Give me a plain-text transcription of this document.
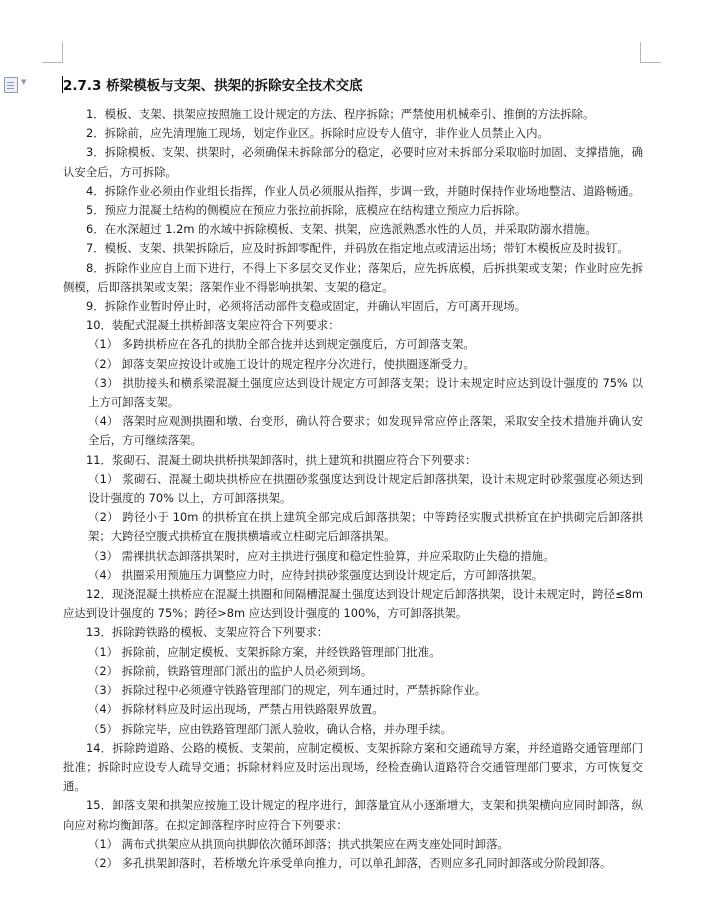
▼	2.7.3 桥梁模板与支架、拱架的拆除安全技术交底
1．模板、支架、拱架应按照施工设计规定的方法、程序拆除；严禁使用机械牵引、推倒的方法拆除。
2．拆除前，应先清理施工现场，划定作业区。拆除时应设专人值守，非作业人员禁止入内。
3．拆除模板、支架、拱架时，必须确保未拆除部分的稳定，必要时应对未拆部分采取临时加固、支撑措施，确认安全后，方可拆除。
4．拆除作业必须由作业组长指挥，作业人员必须服从指挥，步调一致，并随时保持作业场地整洁、道路畅通。
5．预应力混凝土结构的侧模应在预应力张拉前拆除，底模应在结构建立预应力后拆除。
6．在水深超过 1.2m 的水域中拆除模板、支架、拱架，应选派熟悉水性的人员，并采取防溺水措施。
7．模板、支架、拱架拆除后，应及时拆卸零配件，并码放在指定地点或清运出场；带钉木模板应及时拔钉。
8．拆除作业应自上而下进行，不得上下多层交叉作业；落架后，应先拆底模，后拆拱架或支架；作业时应先拆侧模，后即落拱架或支架；落架作业不得影响拱架、支架的稳定。
9．拆除作业暂时停止时，必须将活动部件支稳或固定，并确认牢固后，方可离开现场。
10．装配式混凝土拱桥卸落支架应符合下列要求：
（1） 多跨拱桥应在各孔的拱肋全部合拢并达到规定强度后，方可卸落支架。
（2） 卸落支架应按设计或施工设计的规定程序分次进行，使拱圈逐渐受力。
（3） 拱肋接头和横系梁混凝土强度应达到设计规定方可卸落支架；设计未规定时应达到设计强度的 75% 以上方可卸落支架。
（4） 落架时应观测拱圈和墩、台变形，确认符合要求；如发现异常应停止落架，采取安全技术措施并确认安全后，方可继续落架。
11．浆砌石、混凝土砌块拱桥拱架卸落时，拱上建筑和拱圈应符合下列要求：
（1） 浆砌石、混凝土砌块拱桥应在拱圈砂浆强度达到设计规定后卸落拱架，设计未规定时砂浆强度必须达到设计强度的 70% 以上，方可卸落拱架。
（2） 跨径小于 10m 的拱桥宜在拱上建筑全部完成后卸落拱架；中等跨径实腹式拱桥宜在护拱砌完后卸落拱架；大跨径空腹式拱桥宜在腹拱横墙或立柱砌完后卸落拱架。
（3） 需裸拱状态卸落拱架时，应对主拱进行强度和稳定性验算，并应采取防止失稳的措施。
（4） 拱圈采用预施压力调整应力时，应待封拱砂浆强度达到设计规定后，方可卸落拱架。
12．现浇混凝土拱桥应在混凝土拱圈和间隔槽混凝土强度达到设计规定后卸落拱架，设计未规定时，跨径≤8m 应达到设计强度的 75%；跨径>8m 应达到设计强度的 100%，方可卸落拱架。
13．拆除跨铁路的模板、支架应符合下列要求：
（1） 拆除前，应制定模板、支架拆除方案，并经铁路管理部门批准。
（2） 拆除前，铁路管理部门派出的监护人员必须到场。
（3） 拆除过程中必须遵守铁路管理部门的规定，列车通过时，严禁拆除作业。
（4） 拆除材料应及时运出现场，严禁占用铁路限界放置。
（5） 拆除完毕，应由铁路管理部门派人验收，确认合格，并办理手续。
14．拆除跨道路、公路的模板、支架前，应制定模板、支架拆除方案和交通疏导方案，并经道路交通管理部门批准；拆除时应设专人疏导交通；拆除材料应及时运出现场，经检查确认道路符合交通管理部门要求，方可恢复交通。
15．卸落支架和拱架应按施工设计规定的程序进行，卸落量宜从小逐渐增大，支架和拱架横向应同时卸落，纵向应对称均衡卸落。在拟定卸落程序时应符合下列要求：
（1） 满布式拱架应从拱顶向拱脚依次循环卸落；拱式拱架应在两支座处同时卸落。
（2） 多孔拱架卸落时，若桥墩允许承受单向推力，可以单孔卸落，否则应多孔同时卸落或分阶段卸落。
